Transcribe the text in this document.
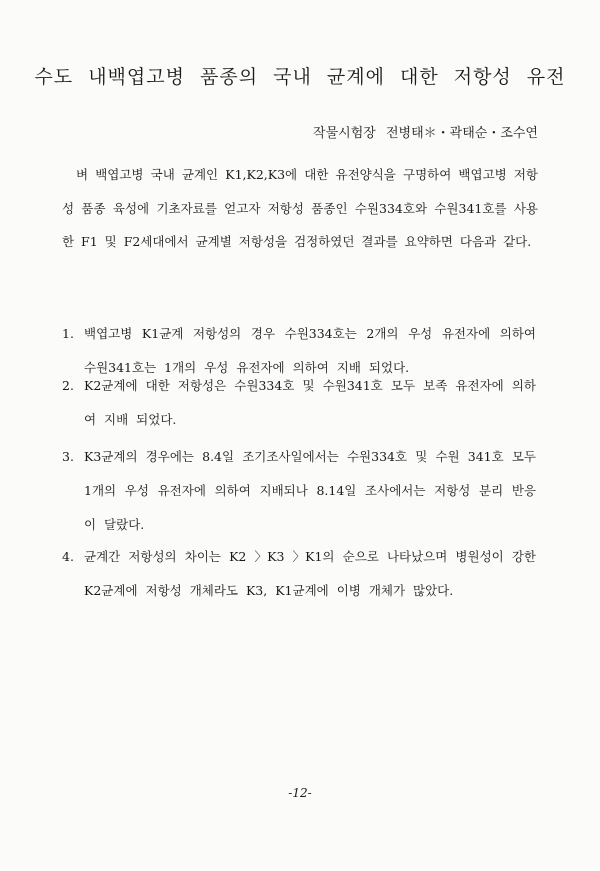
수도 내백엽고병 품종의 국내 균계에 대한 저항성 유전
작물시험장 전병태＊・곽태순・조수연

벼 백엽고병 국내 균계인 K1,K2,K3에 대한 유전양식을 구명하여 백엽고병 저항성 품종 육성에 기초자료를 얻고자 저항성 품종인 수원334호와 수원341호를 사용한 F1 및 F2세대에서 균계별 저항성을 검정하였던 결과를 요약하면 다음과 같다.

1. 백엽고병 K1균계 저항성의 경우 수원334호는 2개의 우성 유전자에 의하여 수원341호는 1개의 우성 유전자에 의하여 지배 되었다.
2. K2균계에 대한 저항성은 수원334호 및 수원341호 모두 보족 유전자에 의하여 지배 되었다.
3. K3균계의 경우에는 8.4일 조기조사일에서는 수원334호 및 수원 341호 모두 1개의 우성 유전자에 의하여 지배되나 8.14일 조사에서는 저항성 분리 반응이 달랐다.
4. 균계간 저항성의 차이는 K2 〉K3 〉K1의 순으로 나타났으며 병원성이 강한 K2균계에 저항성 개체라도 K3, K1균계에 이병 개체가 많았다.
-12-
